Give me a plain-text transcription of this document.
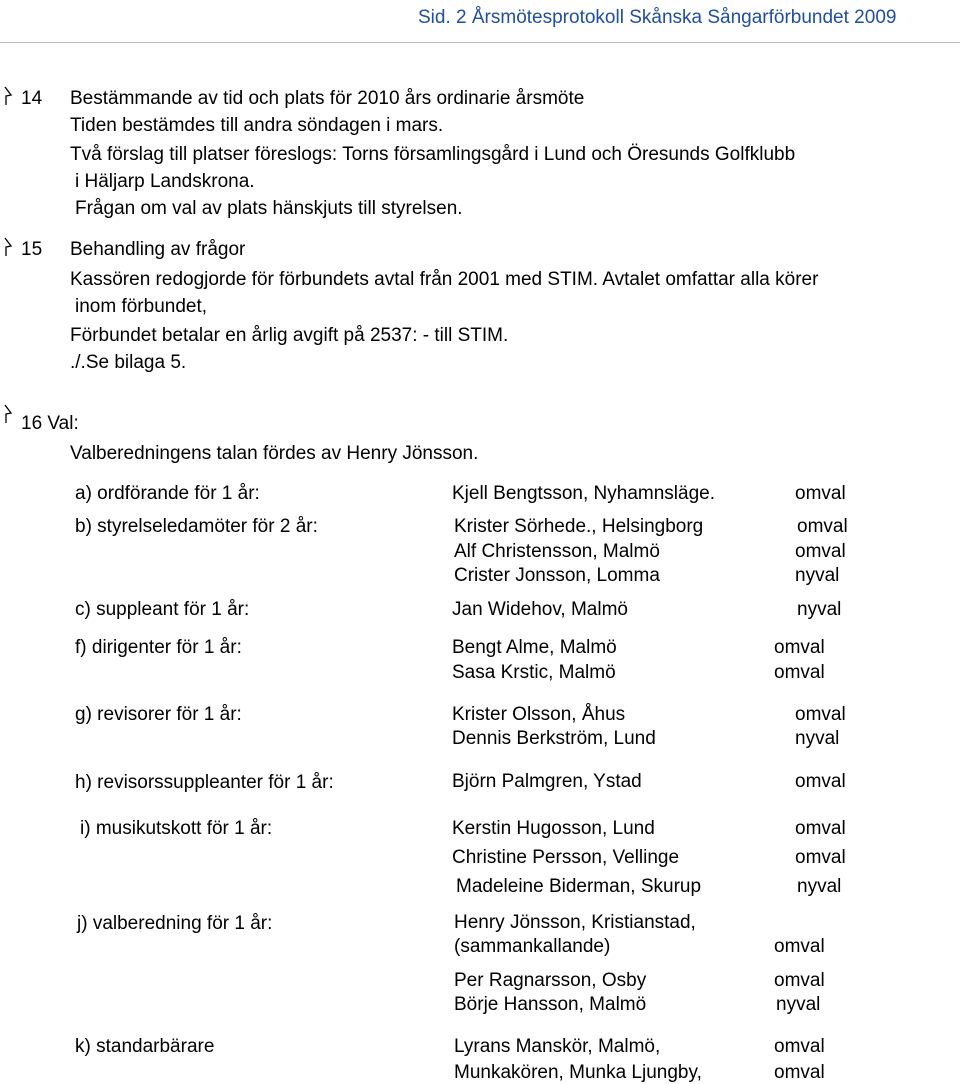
Sid. 2 Årsmötesprotokoll Skånska Sångarförbundet 2009
14 Bestämmande av tid och plats för 2010 års ordinarie årsmöte
Tiden bestämdes till andra söndagen i mars.
Två förslag till platser föreslogs: Torns församlingsgård i Lund och Öresunds Golfklubb
i Häljarp Landskrona.
Frågan om val av plats hänskjuts till styrelsen.
15 Behandling av frågor
Kassören redogjorde för förbundets avtal från 2001 med STIM. Avtalet omfattar alla körer
inom förbundet,
Förbundet betalar en årlig avgift på 2537: - till STIM.
./.Se bilaga 5.
16 Val:
Valberedningens talan fördes av Henry Jönsson.
a) ordförande för 1 år:	Kjell Bengtsson, Nyhamnsläge.	omval
b) styrelseledamöter för 2 år:	Krister Sörhede., Helsingborg	omval
Alf Christensson, Malmö	omval
Crister Jonsson, Lomma	nyval
c) suppleant för 1 år:	Jan Widehov, Malmö	nyval
f) dirigenter för 1 år:	Bengt Alme, Malmö	omval
Sasa Krstic, Malmö	omval
g) revisorer för 1 år:	Krister Olsson, Åhus	omval
Dennis Berkström, Lund	nyval
h) revisorssuppleanter för 1 år:	Björn Palmgren, Ystad	omval
i) musikutskott för 1 år:	Kerstin Hugosson, Lund	omval
Christine Persson, Vellinge	omval
Madeleine Biderman, Skurup	nyval
j) valberedning för 1 år:	Henry Jönsson, Kristianstad,
(sammankallande)	omval
Per Ragnarsson, Osby	omval
Börje Hansson, Malmö	nyval
k) standarbärare	Lyrans Manskör, Malmö,	omval
Munkakören, Munka Ljungby,	omval
